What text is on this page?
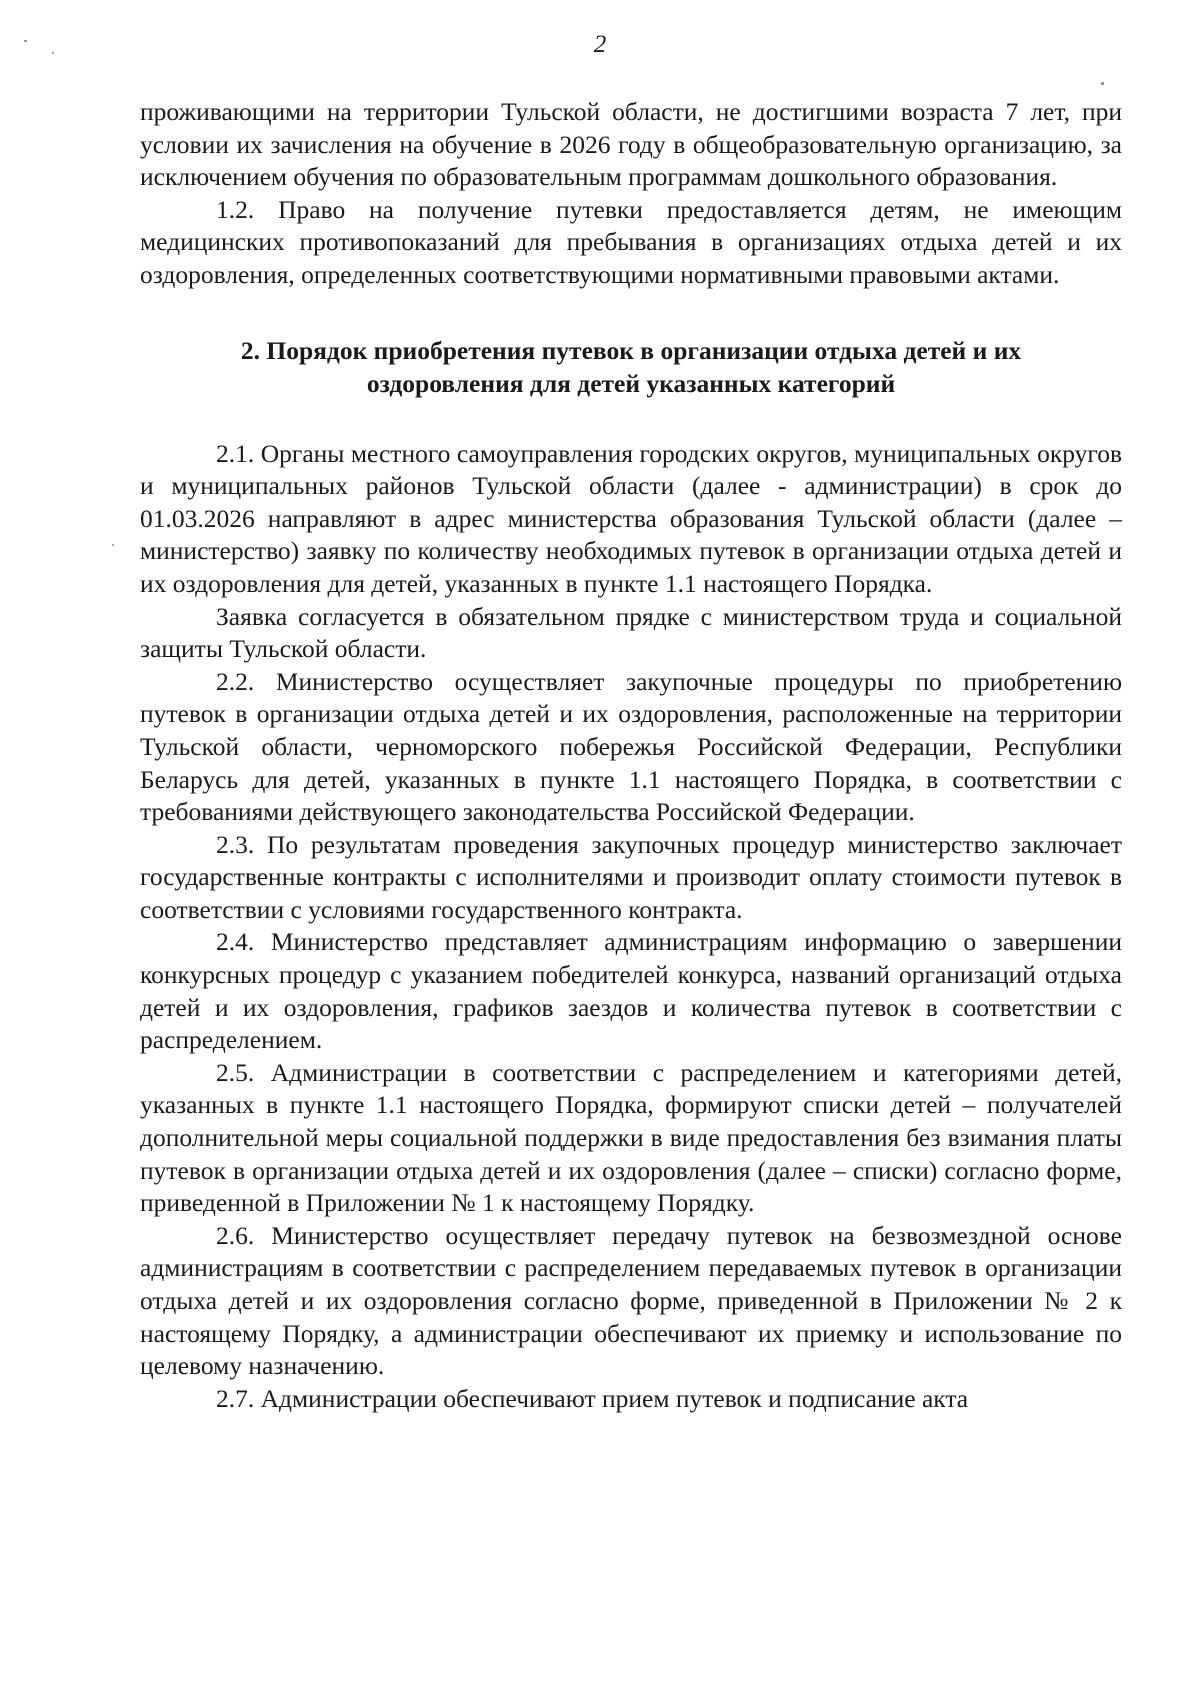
2

проживающими на территории Тульской области, не достигшими возраста 7 лет, при условии их зачисления на обучение в 2026 году в общеобразовательную организацию, за исключением обучения по образовательным программам дошкольного образования.

1.2. Право на получение путевки предоставляется детям, не имеющим медицинских противопоказаний для пребывания в организациях отдыха детей и их оздоровления, определенных соответствующими нормативными правовыми актами.

2. Порядок приобретения путевок в организации отдыха детей и их оздоровления для детей указанных категорий

2.1. Органы местного самоуправления городских округов, муниципальных округов и муниципальных районов Тульской области (далее - администрации) в срок до 01.03.2026 направляют в адрес министерства образования Тульской области (далее – министерство) заявку по количеству необходимых путевок в организации отдыха детей и их оздоровления для детей, указанных в пункте 1.1 настоящего Порядка.

Заявка согласуется в обязательном прядке с министерством труда и социальной защиты Тульской области.

2.2. Министерство осуществляет закупочные процедуры по приобретению путевок в организации отдыха детей и их оздоровления, расположенные на территории Тульской области, черноморского побережья Российской Федерации, Республики Беларусь для детей, указанных в пункте 1.1 настоящего Порядка, в соответствии с требованиями действующего законодательства Российской Федерации.

2.3. По результатам проведения закупочных процедур министерство заключает государственные контракты с исполнителями и производит оплату стоимости путевок в соответствии с условиями государственного контракта.

2.4. Министерство представляет администрациям информацию о завершении конкурсных процедур с указанием победителей конкурса, названий организаций отдыха детей и их оздоровления, графиков заездов и количества путевок в соответствии с распределением.

2.5. Администрации в соответствии с распределением и категориями детей, указанных в пункте 1.1 настоящего Порядка, формируют списки детей – получателей дополнительной меры социальной поддержки в виде предоставления без взимания платы путевок в организации отдыха детей и их оздоровления (далее – списки) согласно форме, приведенной в Приложении № 1 к настоящему Порядку.

2.6. Министерство осуществляет передачу путевок на безвозмездной основе администрациям в соответствии с распределением передаваемых путевок в организации отдыха детей и их оздоровления согласно форме, приведенной в Приложении № 2 к настоящему Порядку, а администрации обеспечивают их приемку и использование по целевому назначению.

2.7. Администрации обеспечивают прием путевок и подписание акта
